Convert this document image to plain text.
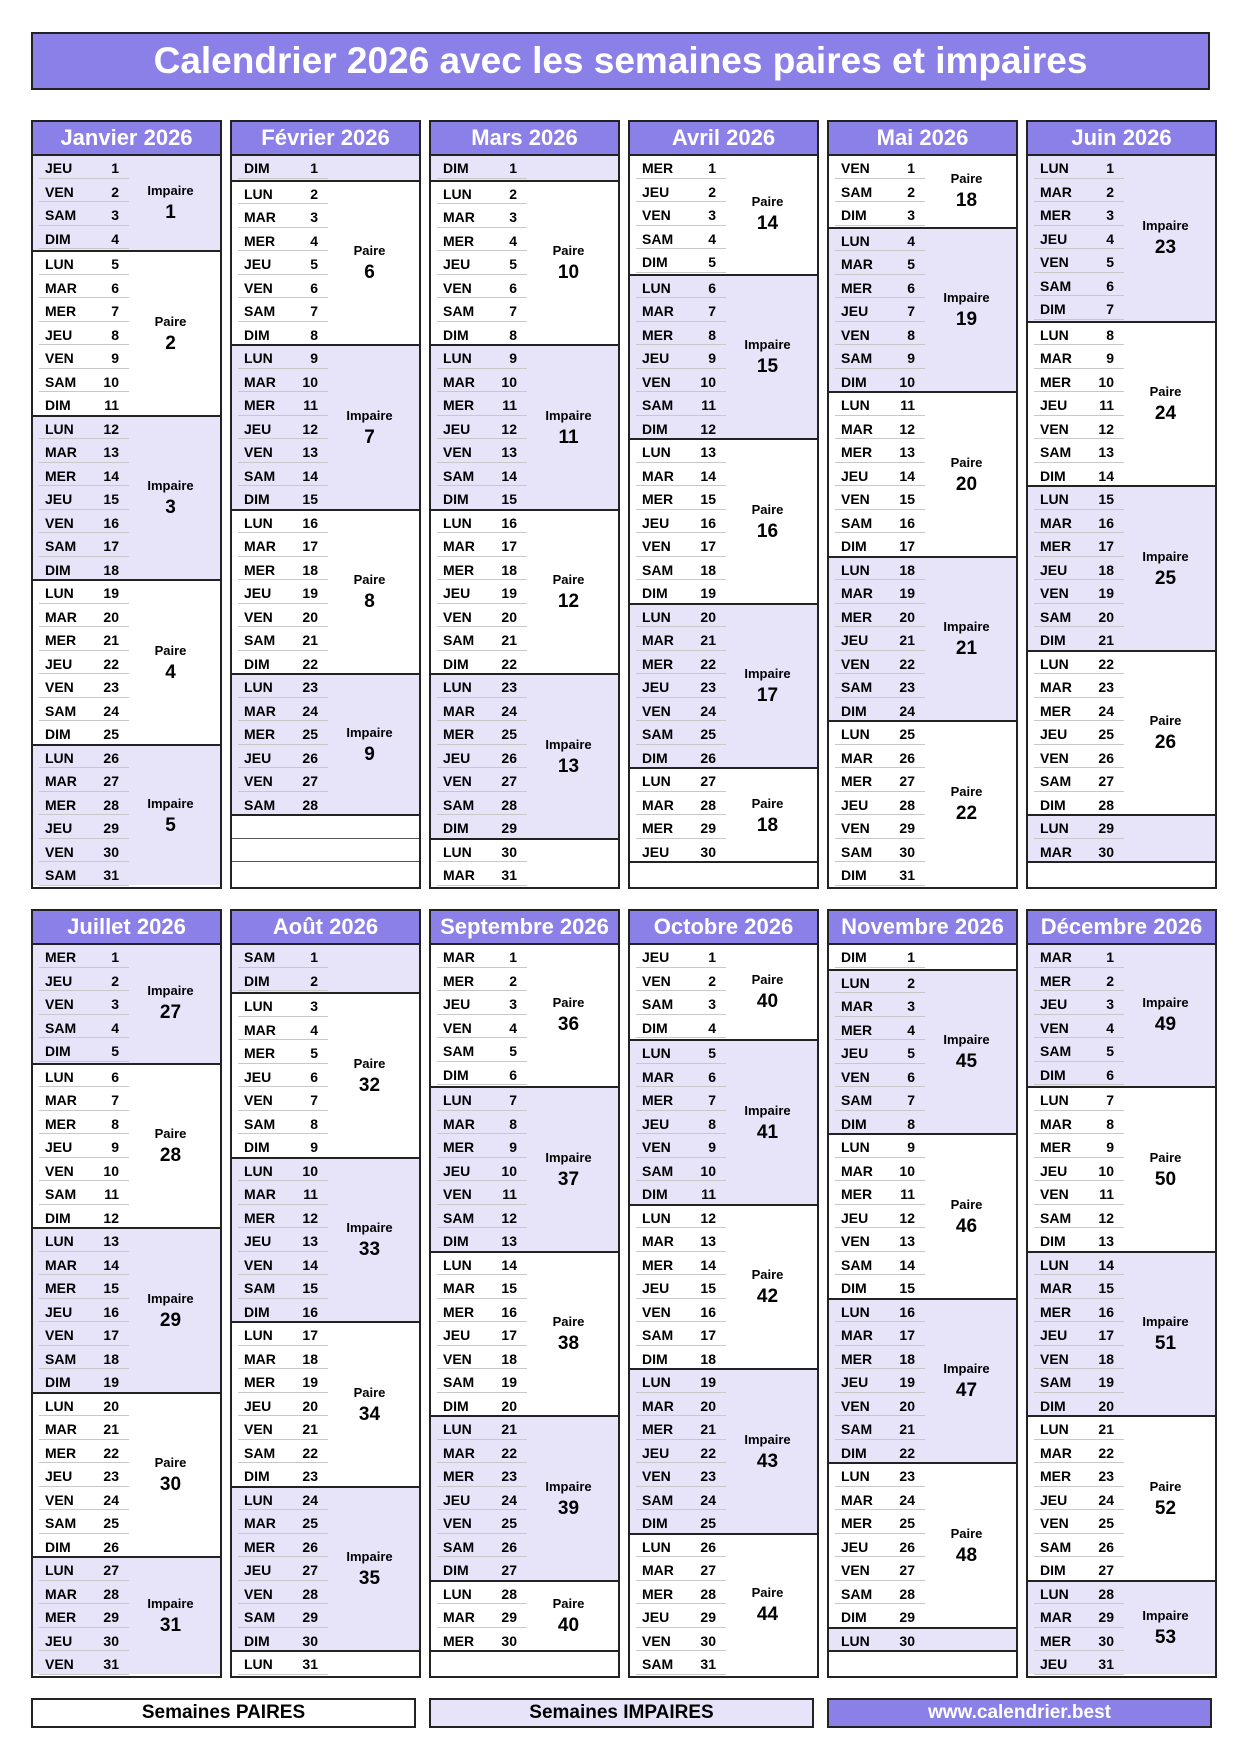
Calendrier 2026 avec les semaines paires et impaires
Janvier 2026
JEU	1
VEN	2
SAM	3
DIM	4
Impaire
1
LUN	5
MAR	6
MER	7
JEU	8
VEN	9
SAM	10
DIM	11
Paire
2
LUN	12
MAR	13
MER	14
JEU	15
VEN	16
SAM	17
DIM	18
Impaire
3
LUN	19
MAR	20
MER	21
JEU	22
VEN	23
SAM	24
DIM	25
Paire
4
LUN	26
MAR	27
MER	28
JEU	29
VEN	30
SAM	31
Impaire
5
Février 2026
DIM	1
LUN	2
MAR	3
MER	4
JEU	5
VEN	6
SAM	7
DIM	8
Paire
6
LUN	9
MAR	10
MER	11
JEU	12
VEN	13
SAM	14
DIM	15
Impaire
7
LUN	16
MAR	17
MER	18
JEU	19
VEN	20
SAM	21
DIM	22
Paire
8
LUN	23
MAR	24
MER	25
JEU	26
VEN	27
SAM	28
Impaire
9
Mars 2026
DIM	1
LUN	2
MAR	3
MER	4
JEU	5
VEN	6
SAM	7
DIM	8
Paire
10
LUN	9
MAR	10
MER	11
JEU	12
VEN	13
SAM	14
DIM	15
Impaire
11
LUN	16
MAR	17
MER	18
JEU	19
VEN	20
SAM	21
DIM	22
Paire
12
LUN	23
MAR	24
MER	25
JEU	26
VEN	27
SAM	28
DIM	29
Impaire
13
LUN	30
MAR	31
Avril 2026
MER	1
JEU	2
VEN	3
SAM	4
DIM	5
Paire
14
LUN	6
MAR	7
MER	8
JEU	9
VEN	10
SAM	11
DIM	12
Impaire
15
LUN	13
MAR	14
MER	15
JEU	16
VEN	17
SAM	18
DIM	19
Paire
16
LUN	20
MAR	21
MER	22
JEU	23
VEN	24
SAM	25
DIM	26
Impaire
17
LUN	27
MAR	28
MER	29
JEU	30
Paire
18
Mai 2026
VEN	1
SAM	2
DIM	3
Paire
18
LUN	4
MAR	5
MER	6
JEU	7
VEN	8
SAM	9
DIM	10
Impaire
19
LUN	11
MAR	12
MER	13
JEU	14
VEN	15
SAM	16
DIM	17
Paire
20
LUN	18
MAR	19
MER	20
JEU	21
VEN	22
SAM	23
DIM	24
Impaire
21
LUN	25
MAR	26
MER	27
JEU	28
VEN	29
SAM	30
DIM	31
Paire
22
Juin 2026
LUN	1
MAR	2
MER	3
JEU	4
VEN	5
SAM	6
DIM	7
Impaire
23
LUN	8
MAR	9
MER	10
JEU	11
VEN	12
SAM	13
DIM	14
Paire
24
LUN	15
MAR	16
MER	17
JEU	18
VEN	19
SAM	20
DIM	21
Impaire
25
LUN	22
MAR	23
MER	24
JEU	25
VEN	26
SAM	27
DIM	28
Paire
26
LUN	29
MAR	30
Juillet 2026
MER	1
JEU	2
VEN	3
SAM	4
DIM	5
Impaire
27
LUN	6
MAR	7
MER	8
JEU	9
VEN	10
SAM	11
DIM	12
Paire
28
LUN	13
MAR	14
MER	15
JEU	16
VEN	17
SAM	18
DIM	19
Impaire
29
LUN	20
MAR	21
MER	22
JEU	23
VEN	24
SAM	25
DIM	26
Paire
30
LUN	27
MAR	28
MER	29
JEU	30
VEN	31
Impaire
31
Août 2026
SAM	1
DIM	2
LUN	3
MAR	4
MER	5
JEU	6
VEN	7
SAM	8
DIM	9
Paire
32
LUN	10
MAR	11
MER	12
JEU	13
VEN	14
SAM	15
DIM	16
Impaire
33
LUN	17
MAR	18
MER	19
JEU	20
VEN	21
SAM	22
DIM	23
Paire
34
LUN	24
MAR	25
MER	26
JEU	27
VEN	28
SAM	29
DIM	30
Impaire
35
LUN	31
Septembre 2026
MAR	1
MER	2
JEU	3
VEN	4
SAM	5
DIM	6
Paire
36
LUN	7
MAR	8
MER	9
JEU	10
VEN	11
SAM	12
DIM	13
Impaire
37
LUN	14
MAR	15
MER	16
JEU	17
VEN	18
SAM	19
DIM	20
Paire
38
LUN	21
MAR	22
MER	23
JEU	24
VEN	25
SAM	26
DIM	27
Impaire
39
LUN	28
MAR	29
MER	30
Paire
40
Octobre 2026
JEU	1
VEN	2
SAM	3
DIM	4
Paire
40
LUN	5
MAR	6
MER	7
JEU	8
VEN	9
SAM	10
DIM	11
Impaire
41
LUN	12
MAR	13
MER	14
JEU	15
VEN	16
SAM	17
DIM	18
Paire
42
LUN	19
MAR	20
MER	21
JEU	22
VEN	23
SAM	24
DIM	25
Impaire
43
LUN	26
MAR	27
MER	28
JEU	29
VEN	30
SAM	31
Paire
44
Novembre 2026
DIM	1
LUN	2
MAR	3
MER	4
JEU	5
VEN	6
SAM	7
DIM	8
Impaire
45
LUN	9
MAR	10
MER	11
JEU	12
VEN	13
SAM	14
DIM	15
Paire
46
LUN	16
MAR	17
MER	18
JEU	19
VEN	20
SAM	21
DIM	22
Impaire
47
LUN	23
MAR	24
MER	25
JEU	26
VEN	27
SAM	28
DIM	29
Paire
48
LUN	30
Décembre 2026
MAR	1
MER	2
JEU	3
VEN	4
SAM	5
DIM	6
Impaire
49
LUN	7
MAR	8
MER	9
JEU	10
VEN	11
SAM	12
DIM	13
Paire
50
LUN	14
MAR	15
MER	16
JEU	17
VEN	18
SAM	19
DIM	20
Impaire
51
LUN	21
MAR	22
MER	23
JEU	24
VEN	25
SAM	26
DIM	27
Paire
52
LUN	28
MAR	29
MER	30
JEU	31
Impaire
53
Semaines PAIRES	Semaines IMPAIRES	www.calendrier.best
